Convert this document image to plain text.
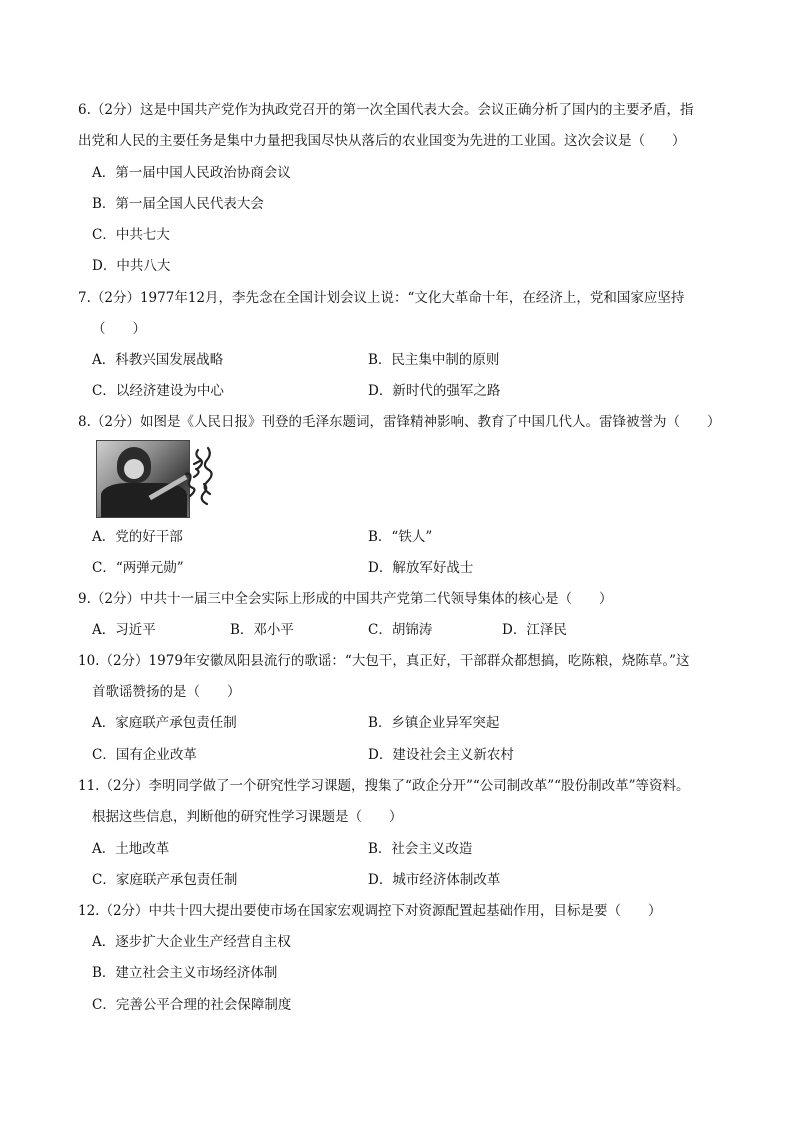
6.（2分）这是中国共产党作为执政党召开的第一次全国代表大会。会议正确分析了国内的主要矛盾，指
出党和人民的主要任务是集中力量把我国尽快从落后的农业国变为先进的工业国。这次会议是（　　）
A．第一届中国人民政治协商会议
B．第一届全国人民代表大会
C．中共七大
D．中共八大
7.（2分）1977年12月，李先念在全国计划会议上说：“文化大革命十年，在经济上，党和国家应坚持
（　　）
A．科教兴国发展战略	B．民主集中制的原则
C．以经济建设为中心	D．新时代的强军之路
8.（2分）如图是《人民日报》刊登的毛泽东题词，雷锋精神影响、教育了中国几代人。雷锋被誉为（　　）
A．党的好干部	B．“铁人”
C．“两弹元勋”	D．解放军好战士
9.（2分）中共十一届三中全会实际上形成的中国共产党第二代领导集体的核心是（　　）
A．习近平	B．邓小平	C．胡锦涛	D．江泽民
10.（2分）1979年安徽凤阳县流行的歌谣：“大包干，真正好，干部群众都想搞，吃陈粮，烧陈草。”这
首歌谣赞扬的是（　　）
A．家庭联产承包责任制	B．乡镇企业异军突起
C．国有企业改革	D．建设社会主义新农村
11.（2分）李明同学做了一个研究性学习课题，搜集了“政企分开”“公司制改革”“股份制改革”等资料。
根据这些信息，判断他的研究性学习课题是（　　）
A．土地改革	B．社会主义改造
C．家庭联产承包责任制	D．城市经济体制改革
12.（2分）中共十四大提出要使市场在国家宏观调控下对资源配置起基础作用，目标是要（　　）
A．逐步扩大企业生产经营自主权
B．建立社会主义市场经济体制
C．完善公平合理的社会保障制度
